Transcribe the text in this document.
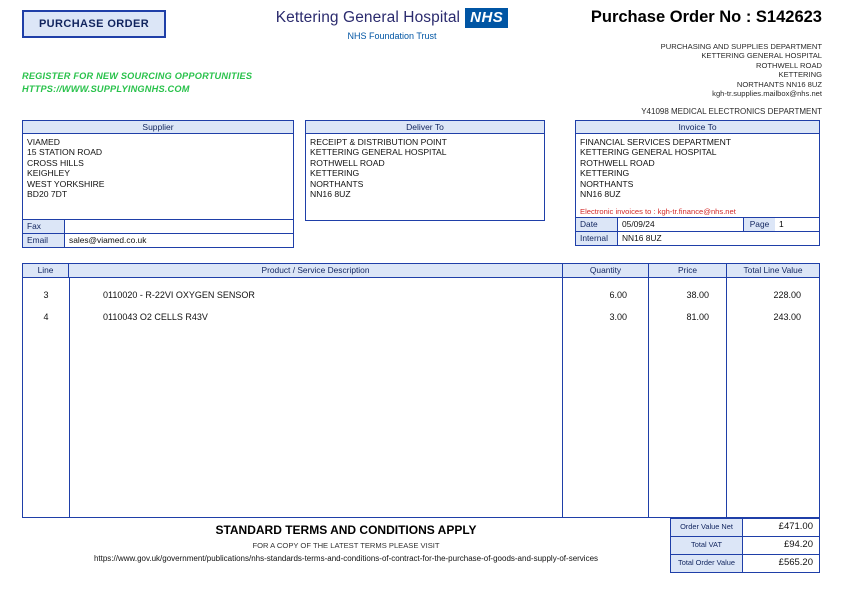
PURCHASE ORDER	Kettering General Hospital NHS
NHS Foundation Trust
Purchase Order No : S142623
PURCHASING AND SUPPLIES DEPARTMENT
KETTERING GENERAL HOSPITAL
ROTHWELL ROAD
KETTERING
NORTHANTS NN16 8UZ
kgh-tr.supplies.mailbox@nhs.net
Y41098 MEDICAL ELECTRONICS DEPARTMENT
REGISTER FOR NEW SOURCING OPPORTUNITIES
HTTPS://WWW.SUPPLYINGNHS.COM
Supplier
VIAMED
15 STATION ROAD
CROSS HILLS
KEIGHLEY
WEST YORKSHIRE
BD20 7DT
Fax
Email	sales@viamed.co.uk
Deliver To
RECEIPT & DISTRIBUTION POINT
KETTERING GENERAL HOSPITAL
ROTHWELL ROAD
KETTERING
NORTHANTS
NN16 8UZ
Invoice To
FINANCIAL SERVICES DEPARTMENT
KETTERING GENERAL HOSPITAL
ROTHWELL ROAD
KETTERING
NORTHANTS
NN16 8UZ
Electronic invoices to : kgh-tr.finance@nhs.net
Date	05/09/24	Page	1
Internal	NN16 8UZ
Line	Product / Service Description	Quantity	Price	Total Line Value
3	0110020 - R-22VI OXYGEN SENSOR	6.00	38.00	228.00
4	0110043 O2 CELLS R43V	3.00	81.00	243.00
STANDARD TERMS AND CONDITIONS APPLY
FOR A COPY OF THE LATEST TERMS PLEASE VISIT
https://www.gov.uk/government/publications/nhs-standards-terms-and-conditions-of-contract-for-the-purchase-of-goods-and-supply-of-services
Order Value Net	£471.00
Total VAT	£94.20
Total Order Value	£565.20
